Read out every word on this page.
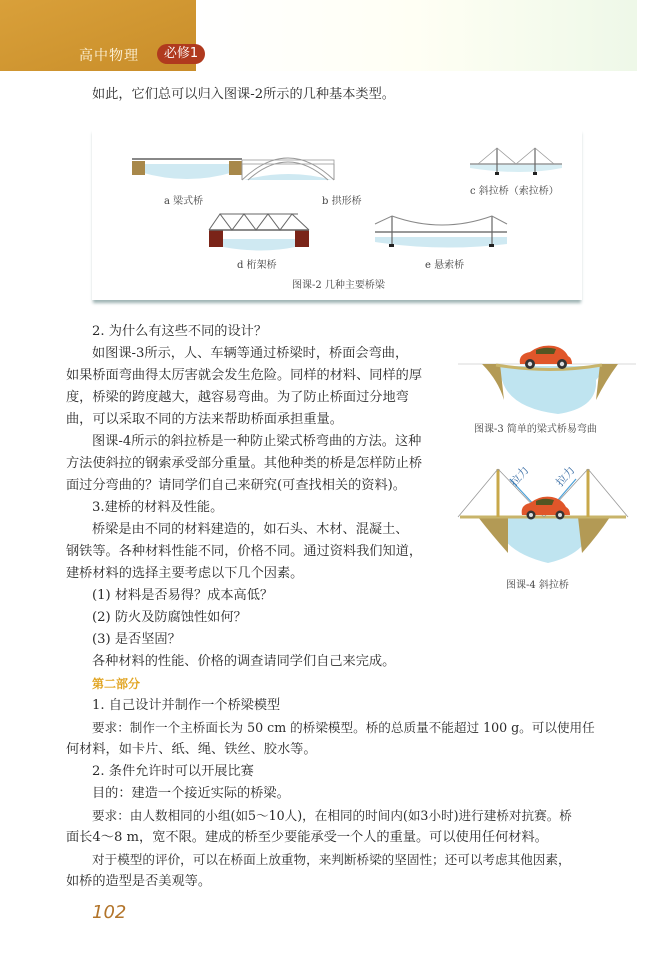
高中物理	必修1
如此，它们总可以归入图课-2所示的几种基本类型。
a 梁式桥	b 拱形桥
c 斜拉桥（索拉桥）
d 桁架桥	e 悬索桥
图课-2 几种主要桥梁
2. 为什么有这些不同的设计？
如图课-3所示，人、车辆等通过桥梁时，桥面会弯曲，
如果桥面弯曲得太厉害就会发生危险。同样的材料、同样的厚
度，桥梁的跨度越大，越容易弯曲。为了防止桥面过分地弯
曲，可以采取不同的方法来帮助桥面承担重量。
图课-4所示的斜拉桥是一种防止梁式桥弯曲的方法。这种
方法使斜拉的钢索承受部分重量。其他种类的桥是怎样防止桥
面过分弯曲的？请同学们自己来研究(可查找相关的资料)。
图课-3 简单的梁式桥易弯曲
拉力 拉力
图课-4 斜拉桥
3.建桥的材料及性能。
桥梁是由不同的材料建造的，如石头、木材、混凝土、
钢铁等。各种材料性能不同，价格不同。通过资料我们知道，
建桥材料的选择主要考虑以下几个因素。
(1) 材料是否易得？成本高低？
(2) 防火及防腐蚀性如何？
(3) 是否坚固？
各种材料的性能、价格的调查请同学们自己来完成。
第二部分
1. 自己设计并制作一个桥梁模型
要求：制作一个主桥面长为 50 cm 的桥梁模型。桥的总质量不能超过 100 g。可以使用任
何材料，如卡片、纸、绳、铁丝、胶水等。
2. 条件允许时可以开展比赛
目的：建造一个接近实际的桥梁。
要求：由人数相同的小组(如5～10人)，在相同的时间内(如3小时)进行建桥对抗赛。桥
面长4～8 m，宽不限。建成的桥至少要能承受一个人的重量。可以使用任何材料。
对于模型的评价，可以在桥面上放重物，来判断桥梁的坚固性；还可以考虑其他因素，
如桥的造型是否美观等。
102
